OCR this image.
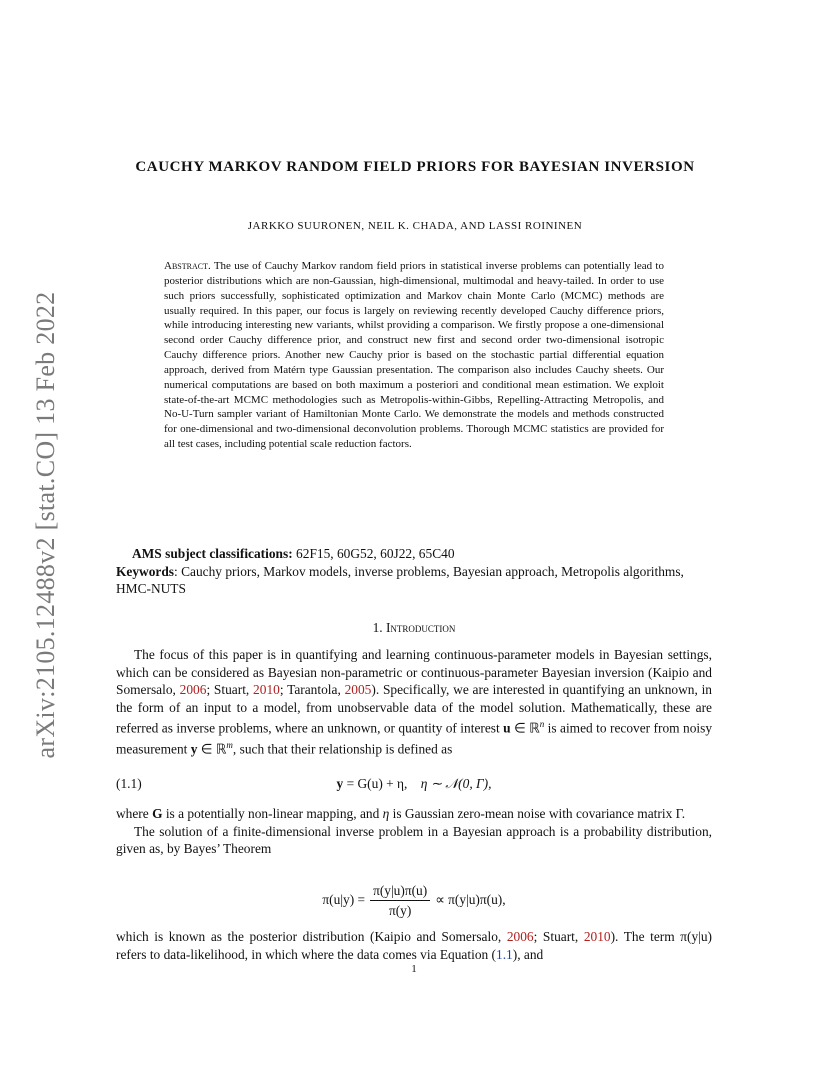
arXiv:2105.12488v2 [stat.CO] 13 Feb 2022
CAUCHY MARKOV RANDOM FIELD PRIORS FOR BAYESIAN INVERSION
JARKKO SUURONEN, NEIL K. CHADA, AND LASSI ROININEN
Abstract. The use of Cauchy Markov random field priors in statistical inverse problems can potentially lead to posterior distributions which are non-Gaussian, high-dimensional, multimodal and heavy-tailed. In order to use such priors successfully, sophisticated optimization and Markov chain Monte Carlo (MCMC) methods are usually required. In this paper, our focus is largely on reviewing recently developed Cauchy difference priors, while introducing interesting new variants, whilst providing a comparison. We firstly propose a one-dimensional second order Cauchy difference prior, and construct new first and second order two-dimensional isotropic Cauchy difference priors. Another new Cauchy prior is based on the stochastic partial differential equation approach, derived from Matérn type Gaussian presentation. The comparison also includes Cauchy sheets. Our numerical computations are based on both maximum a posteriori and conditional mean estimation. We exploit state-of-the-art MCMC methodologies such as Metropolis-within-Gibbs, Repelling-Attracting Metropolis, and No-U-Turn sampler variant of Hamiltonian Monte Carlo. We demonstrate the models and methods constructed for one-dimensional and two-dimensional deconvolution problems. Thorough MCMC statistics are provided for all test cases, including potential scale reduction factors.
AMS subject classifications: 62F15, 60G52, 60J22, 65C40
Keywords: Cauchy priors, Markov models, inverse problems, Bayesian approach, Metropolis algorithms, HMC-NUTS
1. Introduction

The focus of this paper is in quantifying and learning continuous-parameter models in Bayesian settings, which can be considered as Bayesian non-parametric or continuous-parameter Bayesian inversion (Kaipio and Somersalo, 2006; Stuart, 2010; Tarantola, 2005). Specifically, we are interested in quantifying an unknown, in the form of an input to a model, from unobservable data of the model solution. Mathematically, these are referred as inverse problems, where an unknown, or quantity of interest u ∈ ℝ$^n$ is aimed to recover from noisy measurement y ∈ ℝ$^m$, such that their relationship is defined as

(1.1)	y = G(u) + η, η ∼ 𝒩(0, Γ),

where G is a potentially non-linear mapping, and η is Gaussian zero-mean noise with covariance matrix Γ.

The solution of a finite-dimensional inverse problem in a Bayesian approach is a probability distribution, given as, by Bayes’ Theorem

$\pi(u|y) = \frac{\pi(y|u)\pi(u)}{\pi(y)} \propto \pi(y|u)\pi(u)$,

which is known as the posterior distribution (Kaipio and Somersalo, 2006; Stuart, 2010). The term π(y|u) refers to data-likelihood, in which where the data comes via Equation (1.1), and

1
